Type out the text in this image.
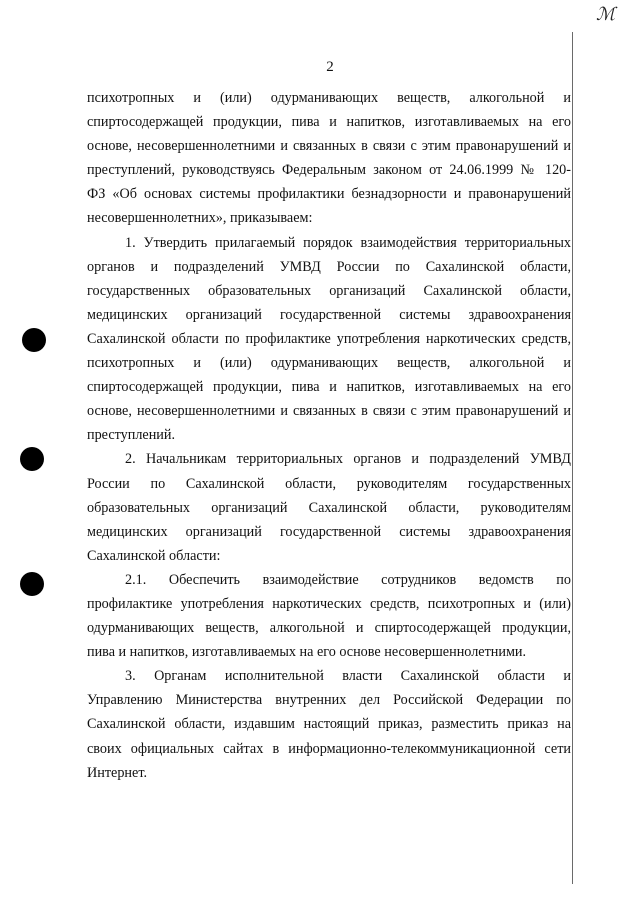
ℳ
2

психотропных и (или) одурманивающих веществ, алкогольной и
спиртосодержащей продукции, пива и напитков, изготавливаемых на его
основе, несовершеннолетними и связанных в связи с этим правонарушений и
преступлений, руководствуясь Федеральным законом от 24.06.1999 № 120-
ФЗ «Об основах системы профилактики безнадзорности и правонарушений
несовершеннолетних», приказываем:

1. Утвердить прилагаемый порядок взаимодействия территориальных
органов и подразделений УМВД России по Сахалинской области,
государственных образовательных организаций Сахалинской области,
медицинских организаций государственной системы здравоохранения
Сахалинской области по профилактике употребления наркотических средств,
психотропных и (или) одурманивающих веществ, алкогольной и
спиртосодержащей продукции, пива и напитков, изготавливаемых на его
основе, несовершеннолетними и связанных в связи с этим правонарушений и
преступлений.

2. Начальникам территориальных органов и подразделений УМВД
России по Сахалинской области, руководителям государственных
образовательных организаций Сахалинской области, руководителям
медицинских организаций государственной системы здравоохранения
Сахалинской области:

2.1. Обеспечить взаимодействие сотрудников ведомств по
профилактике употребления наркотических средств, психотропных и (или)
одурманивающих веществ, алкогольной и спиртосодержащей продукции,
пива и напитков, изготавливаемых на его основе несовершеннолетними.

3. Органам исполнительной власти Сахалинской области и
Управлению Министерства внутренних дел Российской Федерации по
Сахалинской области, издавшим настоящий приказ, разместить приказ на
своих официальных сайтах в информационно-телекоммуникационной сети
Интернет.
